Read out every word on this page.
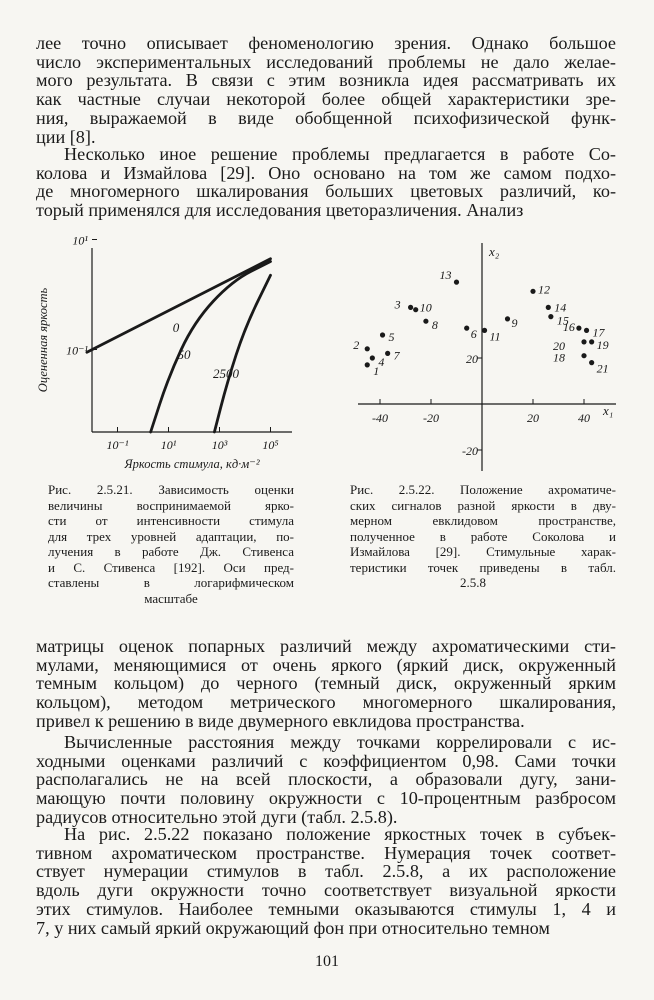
лее точно описывает феноменологию зрения. Однако большое
число экспериментальных исследований проблемы не дало желае-
мого результата. В связи с этим возникла идея рассматривать их
как частные случаи некоторой более общей характеристики зре-
ния, выражаемой в виде обобщенной психофизической функ-
ции [8].
Несколько иное решение проблемы предлагается в работе Со-
колова и Измайлова [29]. Оно основано на том же самом подхо-
де многомерного шкалирования больших цветовых различий, ко-
торый применялся для исследования цветоразличения. Анализ
10¹
10⁻¹
10⁻¹	10¹	10³	10⁵
Яркость стимула, кд·м⁻²
Оцененная яркость	0
50
2500
x₂
x₁
-40	-20	20	40
20
-20
1
2
4
5
7
3 10
8
13
6 11
9
12
14
15
16 17
19
20
18
21
Рис. 2.5.21. Зависимость оценки
величины воспринимаемой ярко-
сти от интенсивности стимула
для трех уровней адаптации, по-
лучения в работе Дж. Стивенса
и С. Стивенса [192]. Оси пред-
ставлены в логарифмическом
масштабе
Рис. 2.5.22. Положение ахроматиче-
ских сигналов разной яркости в дву-
мерном евклидовом пространстве,
полученное в работе Соколова и
Измайлова [29]. Стимульные харак-
теристики точек приведены в табл.
2.5.8
матрицы оценок попарных различий между ахроматическими сти-
мулами, меняющимися от очень яркого (яркий диск, окруженный
темным кольцом) до черного (темный диск, окруженный ярким
кольцом), методом метрического многомерного шкалирования,
привел к решению в виде двумерного евклидова пространства.
Вычисленные расстояния между точками коррелировали с ис-
ходными оценками различий с коэффициентом 0,98. Сами точки
располагались не на всей плоскости, а образовали дугу, зани-
мающую почти половину окружности с 10-процентным разбросом
радиусов относительно этой дуги (табл. 2.5.8).
На рис. 2.5.22 показано положение яркостных точек в субъек-
тивном ахроматическом пространстве. Нумерация точек соответ-
ствует нумерации стимулов в табл. 2.5.8, а их расположение
вдоль дуги окружности точно соответствует визуальной яркости
этих стимулов. Наиболее темными оказываются стимулы 1, 4 и
7, у них самый яркий окружающий фон при относительно темном
101
